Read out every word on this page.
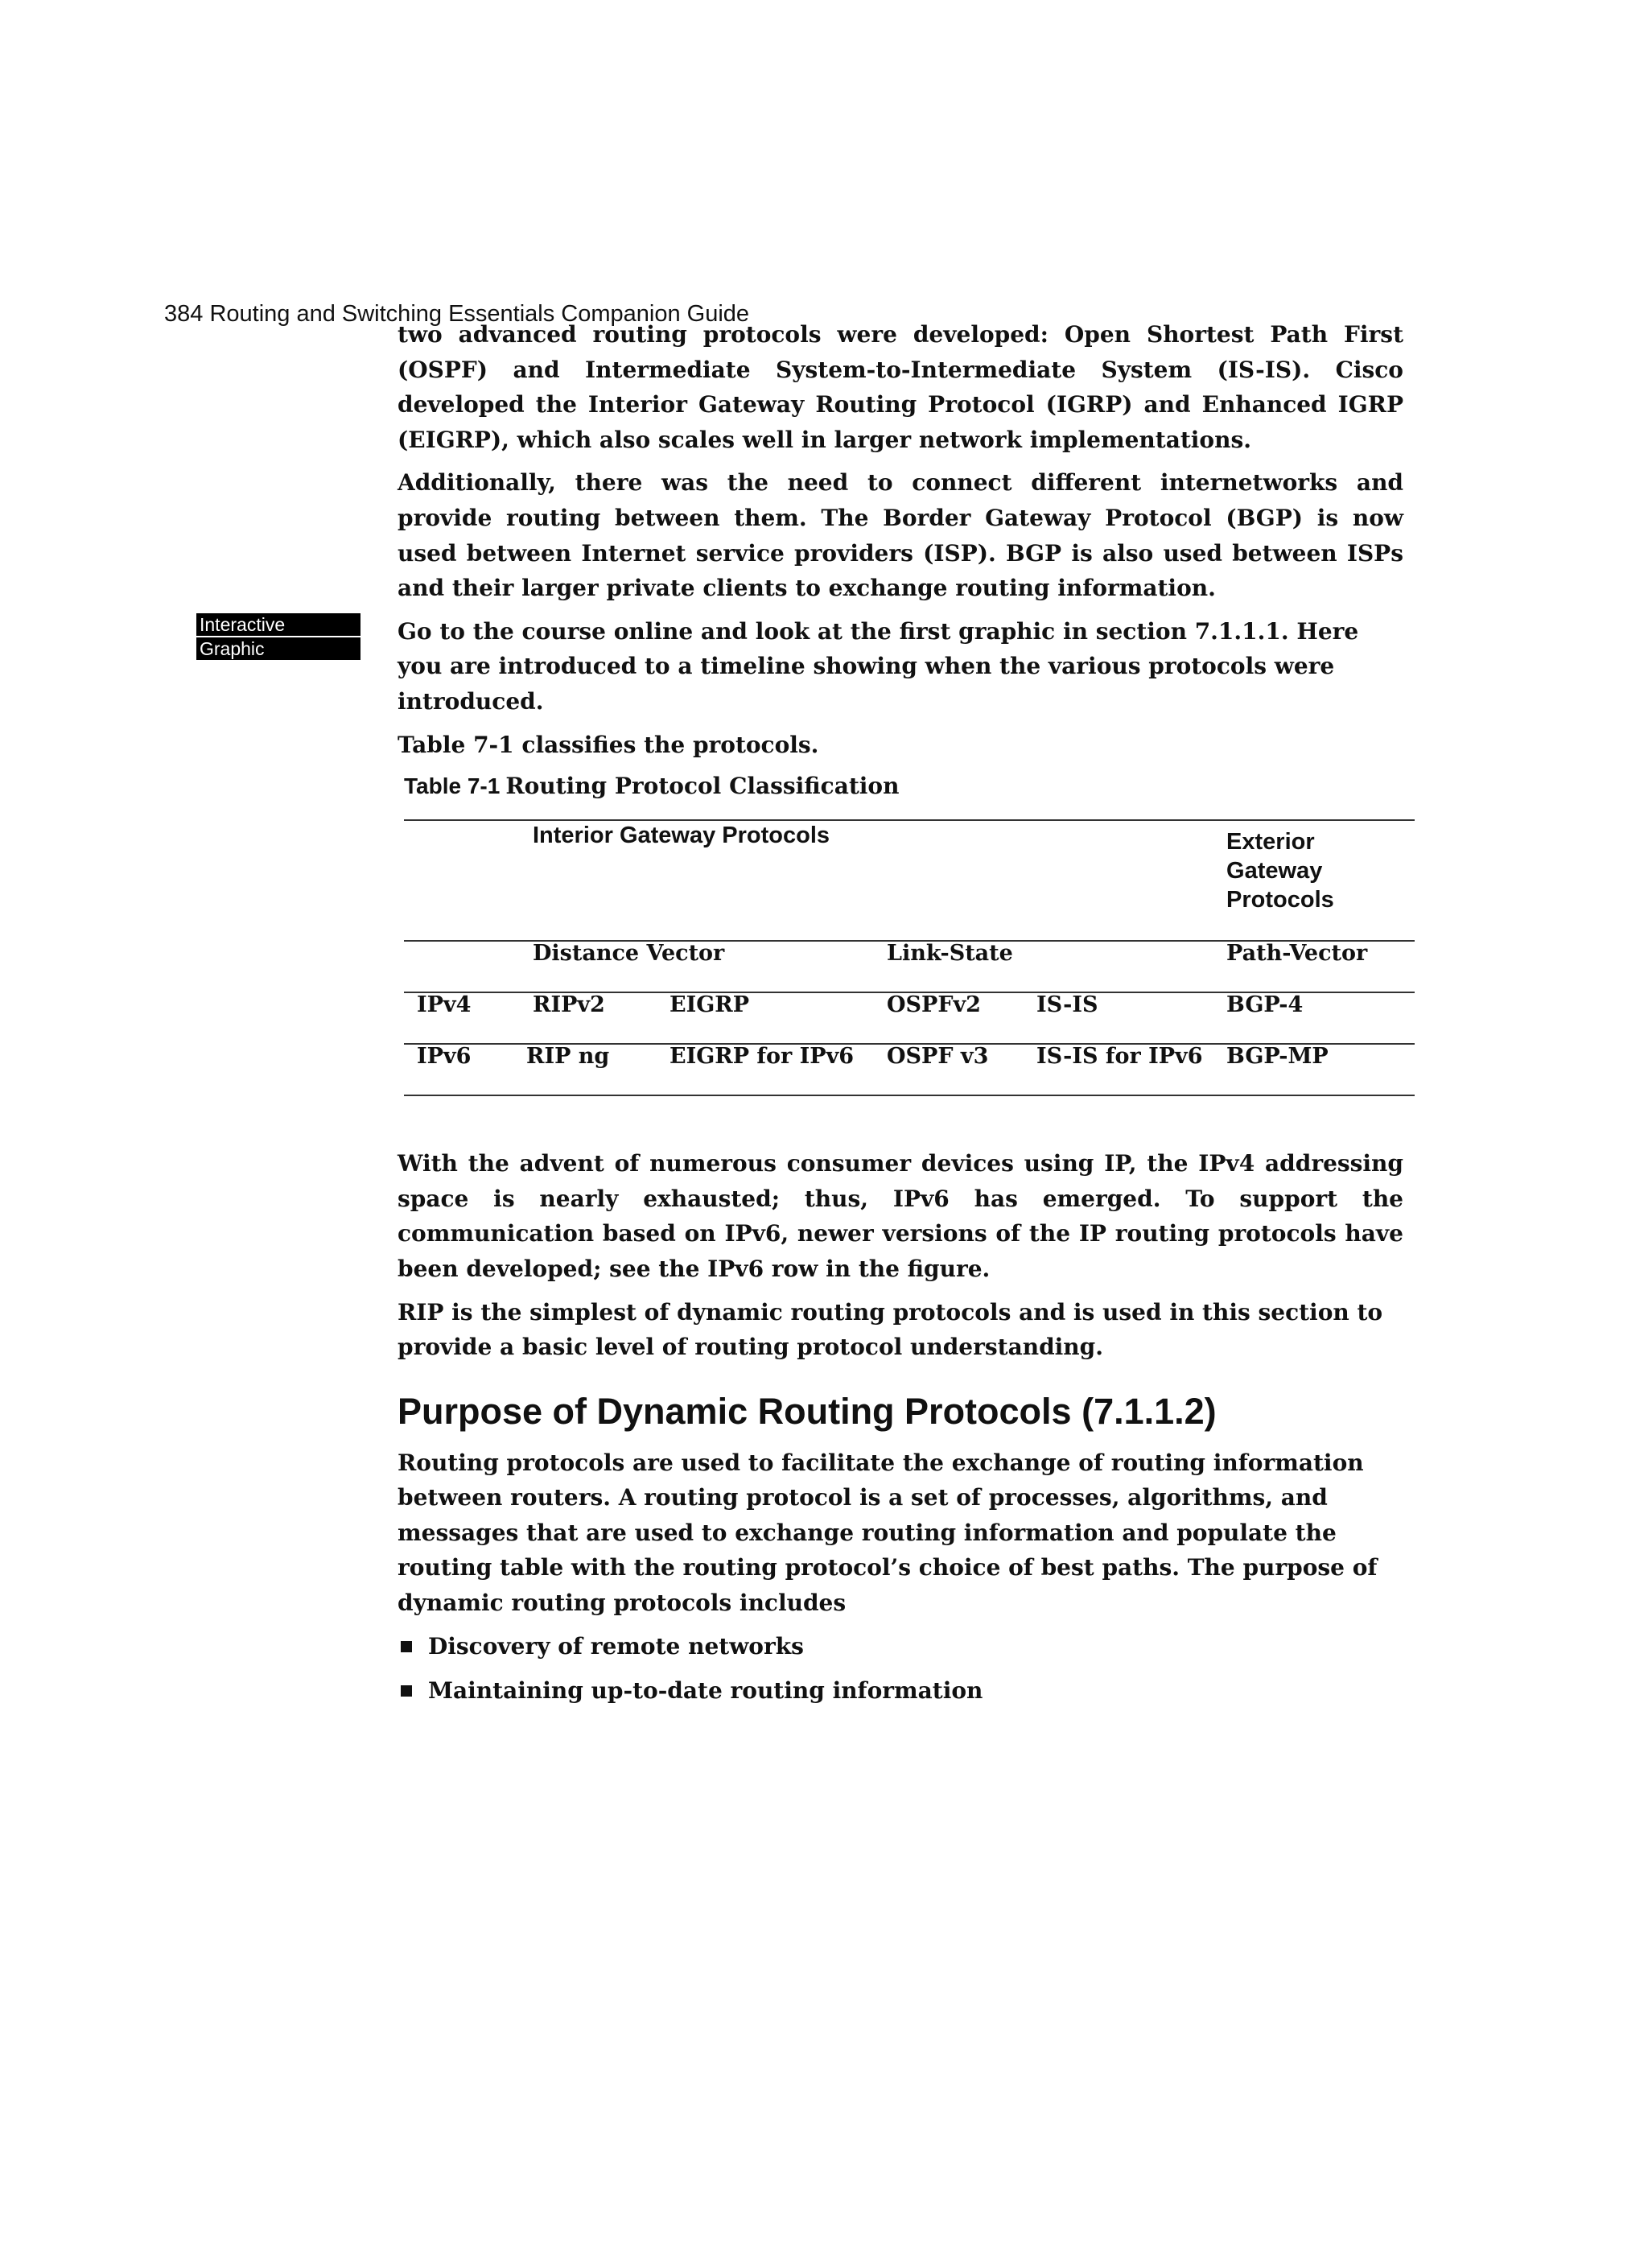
384 Routing and Switching Essentials Companion Guide
Interactive
Graphic

two advanced routing protocols were developed: Open Shortest Path First (OSPF) and Intermediate System-to-Intermediate System (IS-IS). Cisco developed the Interior Gateway Routing Protocol (IGRP) and Enhanced IGRP (EIGRP), which also scales well in larger network implementations.

Additionally, there was the need to connect different internetworks and provide routing between them. The Border Gateway Protocol (BGP) is now used between Internet service providers (ISP). BGP is also used between ISPs and their larger private clients to exchange routing information.

Go to the course online and look at the first graphic in section 7.1.1.1. Here you are introduced to a timeline showing when the various protocols were introduced.

Table 7-1 classifies the protocols.

Table 7-1 Routing Protocol Classification
	Interior Gateway Protocols				Exterior Gateway Protocols

	Distance Vector		Link-State		Path-Vector

IPv4	RIPv2	EIGRP	OSPFv2	IS-IS	BGP-4

IPv6	RIP ng	EIGRP for IPv6	OSPF v3	IS-IS for IPv6	BGP-MP

With the advent of numerous consumer devices using IP, the IPv4 addressing space is nearly exhausted; thus, IPv6 has emerged. To support the communication based on IPv6, newer versions of the IP routing protocols have been developed; see the IPv6 row in the figure.

RIP is the simplest of dynamic routing protocols and is used in this section to provide a basic level of routing protocol understanding.

Purpose of Dynamic Routing Protocols (7.1.1.2)

Routing protocols are used to facilitate the exchange of routing information between routers. A routing protocol is a set of processes, algorithms, and messages that are used to exchange routing information and populate the routing table with the routing protocol’s choice of best paths. The purpose of dynamic routing protocols includes

Discovery of remote networks
Maintaining up-to-date routing information
